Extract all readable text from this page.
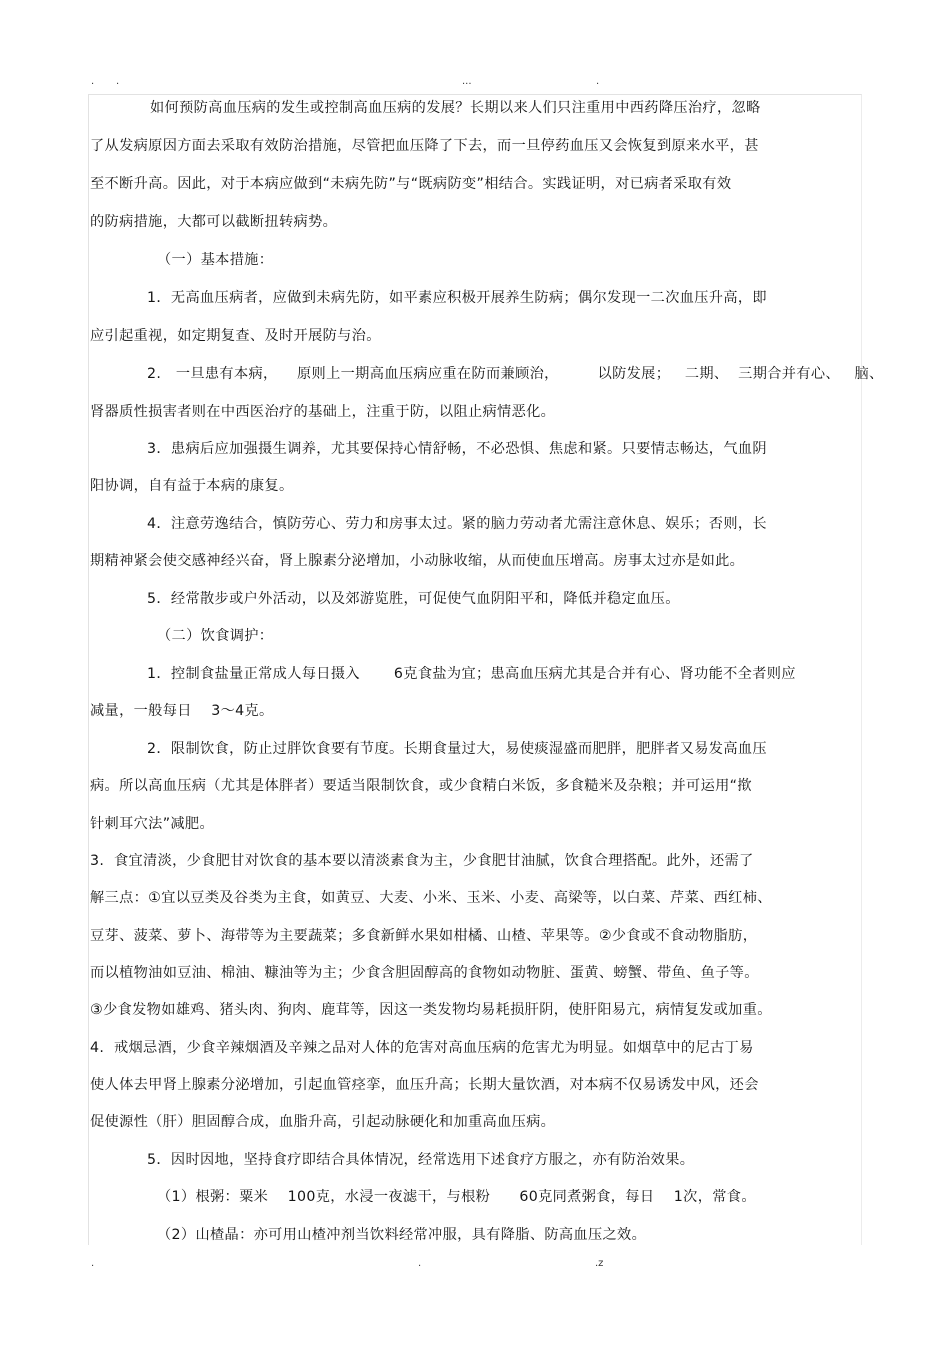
. .	...	.
如何预防高血压病的发生或控制高血压病的发展？长期以来人们只注重用中西药降压治疗，忽略
了从发病原因方面去采取有效防治措施，尽管把血压降了下去，而一旦停药血压又会恢复到原来水平，甚
至不断升高。因此，对于本病应做到“未病先防”与“既病防变”相结合。实践证明，对已病者采取有效
的防病措施，大都可以截断扭转病势。
（一）基本措施：
1．无高血压病者，应做到未病先防，如平素应积极开展养生防病；偶尔发现一二次血压升高，即
应引起重视，如定期复查、及时开展防与治。
2.   一旦患有本病，    原则上一期高血压病应重在防而兼顾治，        以防发展；   二期、  三期合并有心、   脑、
肾器质性损害者则在中西医治疗的基础上，注重于防，以阻止病情恶化。
3．患病后应加强摄生调养，尤其要保持心情舒畅，不必恐惧、焦虑和紧。只要情志畅达，气血阴
阳协调，自有益于本病的康复。
4．注意劳逸结合，慎防劳心、劳力和房事太过。紧的脑力劳动者尤需注意休息、娱乐；否则，长
期精神紧会使交感神经兴奋，肾上腺素分泌增加，小动脉收缩，从而使血压增高。房事太过亦是如此。
5．经常散步或户外活动，以及郊游览胜，可促使气血阴阳平和，降低并稳定血压。
（二）饮食调护：
1．控制食盐量正常成人每日摄入       6克食盐为宜；患高血压病尤其是合并有心、肾功能不全者则应
减量，一般每日    3～4克。
2．限制饮食，防止过胖饮食要有节度。长期食量过大，易使痰湿盛而肥胖，肥胖者又易发高血压
病。所以高血压病（尤其是体胖者）要适当限制饮食，或少食精白米饭，多食糙米及杂粮；并可运用“揿
针刺耳穴法”减肥。
3.  食宜清淡，少食肥甘对饮食的基本要以清淡素食为主，少食肥甘油腻，饮食合理搭配。此外，还需了
解三点：①宜以豆类及谷类为主食，如黄豆、大麦、小米、玉米、小麦、高梁等，以白菜、芹菜、西红柿、
豆芽、菠菜、萝卜、海带等为主要蔬菜；多食新鲜水果如柑橘、山楂、苹果等。②少食或不食动物脂肪，
而以植物油如豆油、棉油、糠油等为主；少食含胆固醇高的食物如动物脏、蛋黄、螃蟹、带鱼、鱼子等。
③少食发物如雄鸡、猪头肉、狗肉、鹿茸等，因这一类发物均易耗损肝阴，使肝阳易亢，病情复发或加重。
4.  戒烟忌酒，少食辛辣烟酒及辛辣之品对人体的危害对高血压病的危害尤为明显。如烟草中的尼古丁易
使人体去甲肾上腺素分泌增加，引起血管痉挛，血压升高；长期大量饮酒，对本病不仅易诱发中风，还会
促使源性（肝）胆固醇合成，血脂升高，引起动脉硬化和加重高血压病。
5．因时因地，坚持食疗即结合具体情况，经常选用下述食疗方服之，亦有防治效果。
（1）根粥：粟米    100克，水浸一夜滤干，与根粉      60克同煮粥食，每日    1次，常食。
（2）山楂晶：亦可用山楂冲剂当饮料经常冲服，具有降脂、防高血压之效。
.	.	.z
